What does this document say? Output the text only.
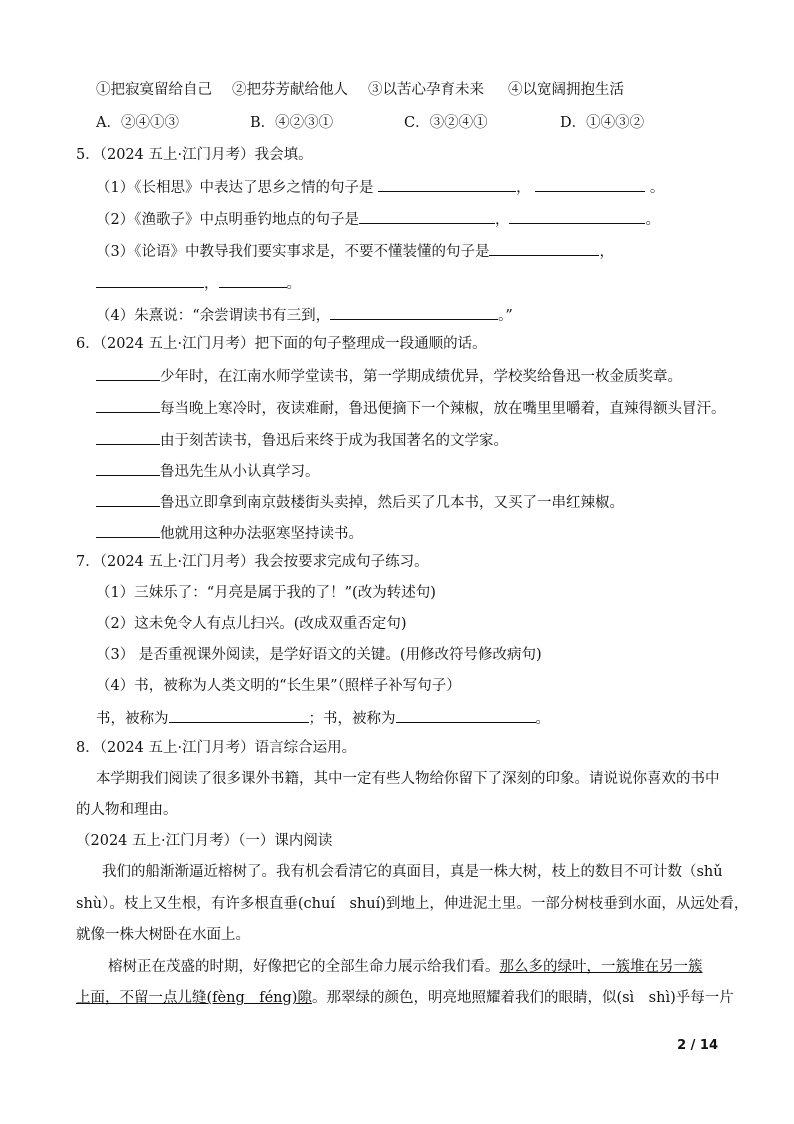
①把寂寞留给自己 ②把芬芳献给他人 ③以苦心孕育未来 ④以宽阔拥抱生活
A．②④①③	B．④②③①	C．③②④①	D．①④③②
5．（2024 五上·江门月考）我会填。
（1）《长相思》中表达了思乡之情的句子是	，	。
（2）《渔歌子》中点明垂钓地点的句子是	，	。
（3）《论语》中教导我们要实事求是，不要不懂装懂的句子是	，
，	。
（4）朱熹说：“余尝谓读书有三到，	。”
6．（2024 五上·江门月考）把下面的句子整理成一段通顺的话。
少年时，在江南水师学堂读书，第一学期成绩优异，学校奖给鲁迅一枚金质奖章。
每当晚上寒冷时，夜读难耐，鲁迅便摘下一个辣椒，放在嘴里里嚼着，直辣得额头冒汗。
由于刻苦读书，鲁迅后来终于成为我国著名的文学家。
鲁迅先生从小认真学习。
鲁迅立即拿到南京鼓楼街头卖掉，然后买了几本书，又买了一串红辣椒。
他就用这种办法驱寒坚持读书。
7．（2024 五上·江门月考）我会按要求完成句子练习。
（1）三妹乐了：“月亮是属于我的了！”(改为转述句)
（2）这未免令人有点儿扫兴。(改成双重否定句)
（3） 是否重视课外阅读，是学好语文的关键。(用修改符号修改病句)
（4）书，被称为人类文明的“长生果”（照样子补写句子）
书，被称为	；书，被称为	。
8．（2024 五上·江门月考）语言综合运用。
本学期我们阅读了很多课外书籍，其中一定有些人物给你留下了深刻的印象。请说说你喜欢的书中
的人物和理由。
（2024 五上·江门月考）（一）课内阅读
我们的船渐渐逼近榕树了。我有机会看清它的真面目，真是一株大树，枝上的数目不可计数（shǔ
shù）。枝上又生根，有许多根直垂(chuí　shuí)到地上，伸进泥土里。一部分树枝垂到水面，从远处看，
就像一株大树卧在水面上。
榕树正在茂盛的时期，好像把它的全部生命力展示给我们看。那么多的绿叶，一簇堆在另一簇
上面，不留一点儿缝(fèng　féng)隙。那翠绿的颜色，明亮地照耀着我们的眼睛，似(sì　shì)乎每一片
2 / 14
